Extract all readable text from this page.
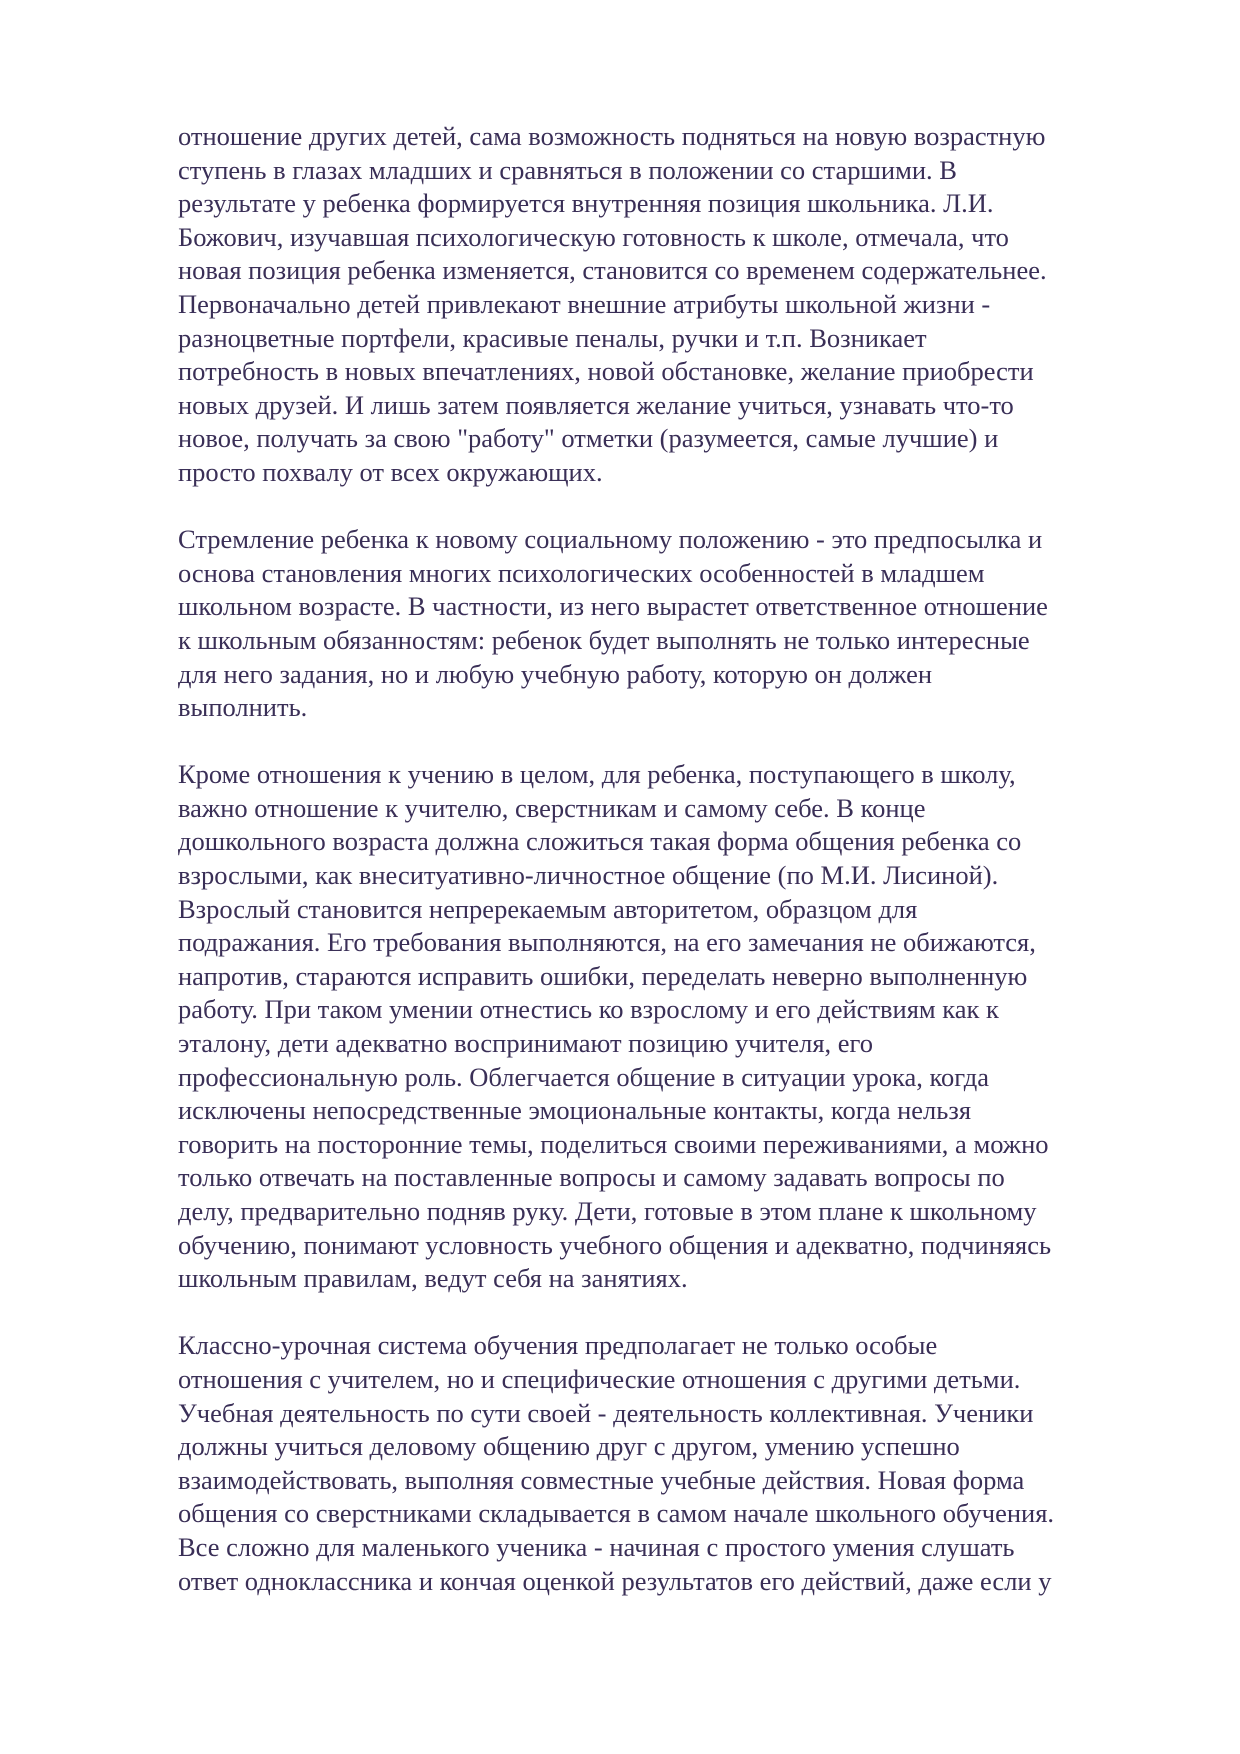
отношение других детей, сама возможность подняться на новую возрастную
ступень в глазах младших и сравняться в положении со старшими. В
результате у ребенка формируется внутренняя позиция школьника. Л.И.
Божович, изучавшая психологическую готовность к школе, отмечала, что
новая позиция ребенка изменяется, становится со временем содержательнее.
Первоначально детей привлекают внешние атрибуты школьной жизни -
разноцветные портфели, красивые пеналы, ручки и т.п. Возникает
потребность в новых впечатлениях, новой обстановке, желание приобрести
новых друзей. И лишь затем появляется желание учиться, узнавать что-то
новое, получать за свою "работу" отметки (разумеется, самые лучшие) и
просто похвалу от всех окружающих.

Стремление ребенка к новому социальному положению - это предпосылка и
основа становления многих психологических особенностей в младшем
школьном возрасте. В частности, из него вырастет ответственное отношение
к школьным обязанностям: ребенок будет выполнять не только интересные
для него задания, но и любую учебную работу, которую он должен
выполнить.

Кроме отношения к учению в целом, для ребенка, поступающего в школу,
важно отношение к учителю, сверстникам и самому себе. В конце
дошкольного возраста должна сложиться такая форма общения ребенка со
взрослыми, как внеситуативно-личностное общение (по М.И. Лисиной).
Взрослый становится непререкаемым авторитетом, образцом для
подражания. Его требования выполняются, на его замечания не обижаются,
напротив, стараются исправить ошибки, переделать неверно выполненную
работу. При таком умении отнестись ко взрослому и его действиям как к
эталону, дети адекватно воспринимают позицию учителя, его
профессиональную роль. Облегчается общение в ситуации урока, когда
исключены непосредственные эмоциональные контакты, когда нельзя
говорить на посторонние темы, поделиться своими переживаниями, а можно
только отвечать на поставленные вопросы и самому задавать вопросы по
делу, предварительно подняв руку. Дети, готовые в этом плане к школьному
обучению, понимают условность учебного общения и адекватно, подчиняясь
школьным правилам, ведут себя на занятиях.

Классно-урочная система обучения предполагает не только особые
отношения с учителем, но и специфические отношения с другими детьми.
Учебная деятельность по сути своей - деятельность коллективная. Ученики
должны учиться деловому общению друг с другом, умению успешно
взаимодействовать, выполняя совместные учебные действия. Новая форма
общения со сверстниками складывается в самом начале школьного обучения.
Все сложно для маленького ученика - начиная с простого умения слушать
ответ одноклассника и кончая оценкой результатов его действий, даже если у
